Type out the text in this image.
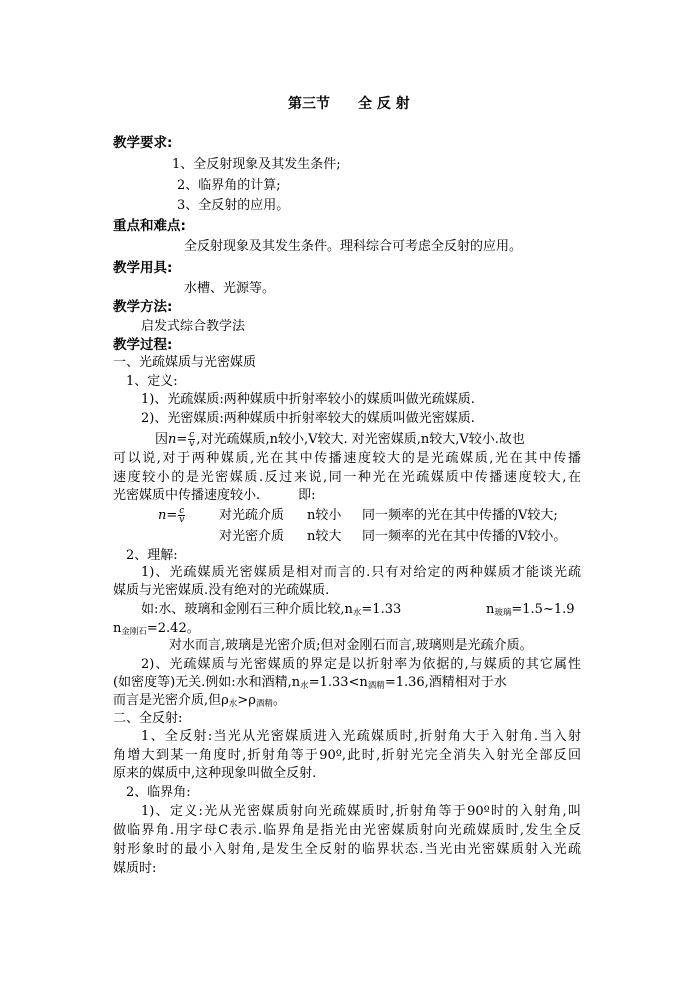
第三节 全 反 射
教学要求:
1、全反射现象及其发生条件;
2、临界角的计算;
3、全反射的应用。
重点和难点:
全反射现象及其发生条件。理科综合可考虑全反射的应用。
教学用具:
水槽、光源等。
教学方法:
启发式综合教学法
教学过程:
一、光疏媒质与光密媒质
1、定义:
1)、光疏媒质:两种媒质中折射率较小的媒质叫做光疏媒质.
2)、光密媒质:两种媒质中折射率较大的媒质叫做光密媒质.
因$n= \frac{c}{v}$ ,对光疏媒质,n较小,V较大. 对光密媒质,n较大,V较小.故也
可以说,对于两种媒质,光在其中传播速度较大的是光疏媒质,光在其中传播
速度较小的是光密媒质.反过来说,同一种光在光疏媒质中传播速度较大,在
光密媒质中传播速度较小.	即:
$n= \frac{c}{v}$	对光疏介质 n较小 同一频率的光在其中传播的V较大;
对光密介质 n较大 同一频率的光在其中传播的V较小。
2、理解:
1)、光疏媒质光密媒质是相对而言的.只有对给定的两种媒质才能谈光疏
媒质与光密媒质.没有绝对的光疏媒质.
如:水、玻璃和金刚石三种介质比较$,n_水=1.33$	$n_{玻璃}=1.5\sim 1.9$
$n_{金刚石}=2.42$。
对水而言,玻璃是光密介质;但对金刚石而言,玻璃则是光疏介质。
2)、光疏媒质与光密媒质的界定是以折射率为依据的,与媒质的其它属性
(如密度等)无关.例如:水和酒精$,n_水=1.33<n_{酒精}=1.36$,酒精相对于水
而言是光密介质,但$\rho_水>\rho_{酒精}$。
二、全反射:
1、全反射:当光从光密媒质进入光疏媒质时,折射角大于入射角.当入射
角增大到某一角度时,折射角等于90º,此时,折射光完全消失入射光全部反回
原来的媒质中,这种现象叫做全反射.
2、临界角:
1)、定义:光从光密媒质射向光疏媒质时,折射角等于90º时的入射角,叫
做临界角.用字母C表示.临界角是指光由光密媒质射向光疏媒质时,发生全反
射形象时的最小入射角,是发生全反射的临界状态.当光由光密媒质射入光疏
媒质时:
